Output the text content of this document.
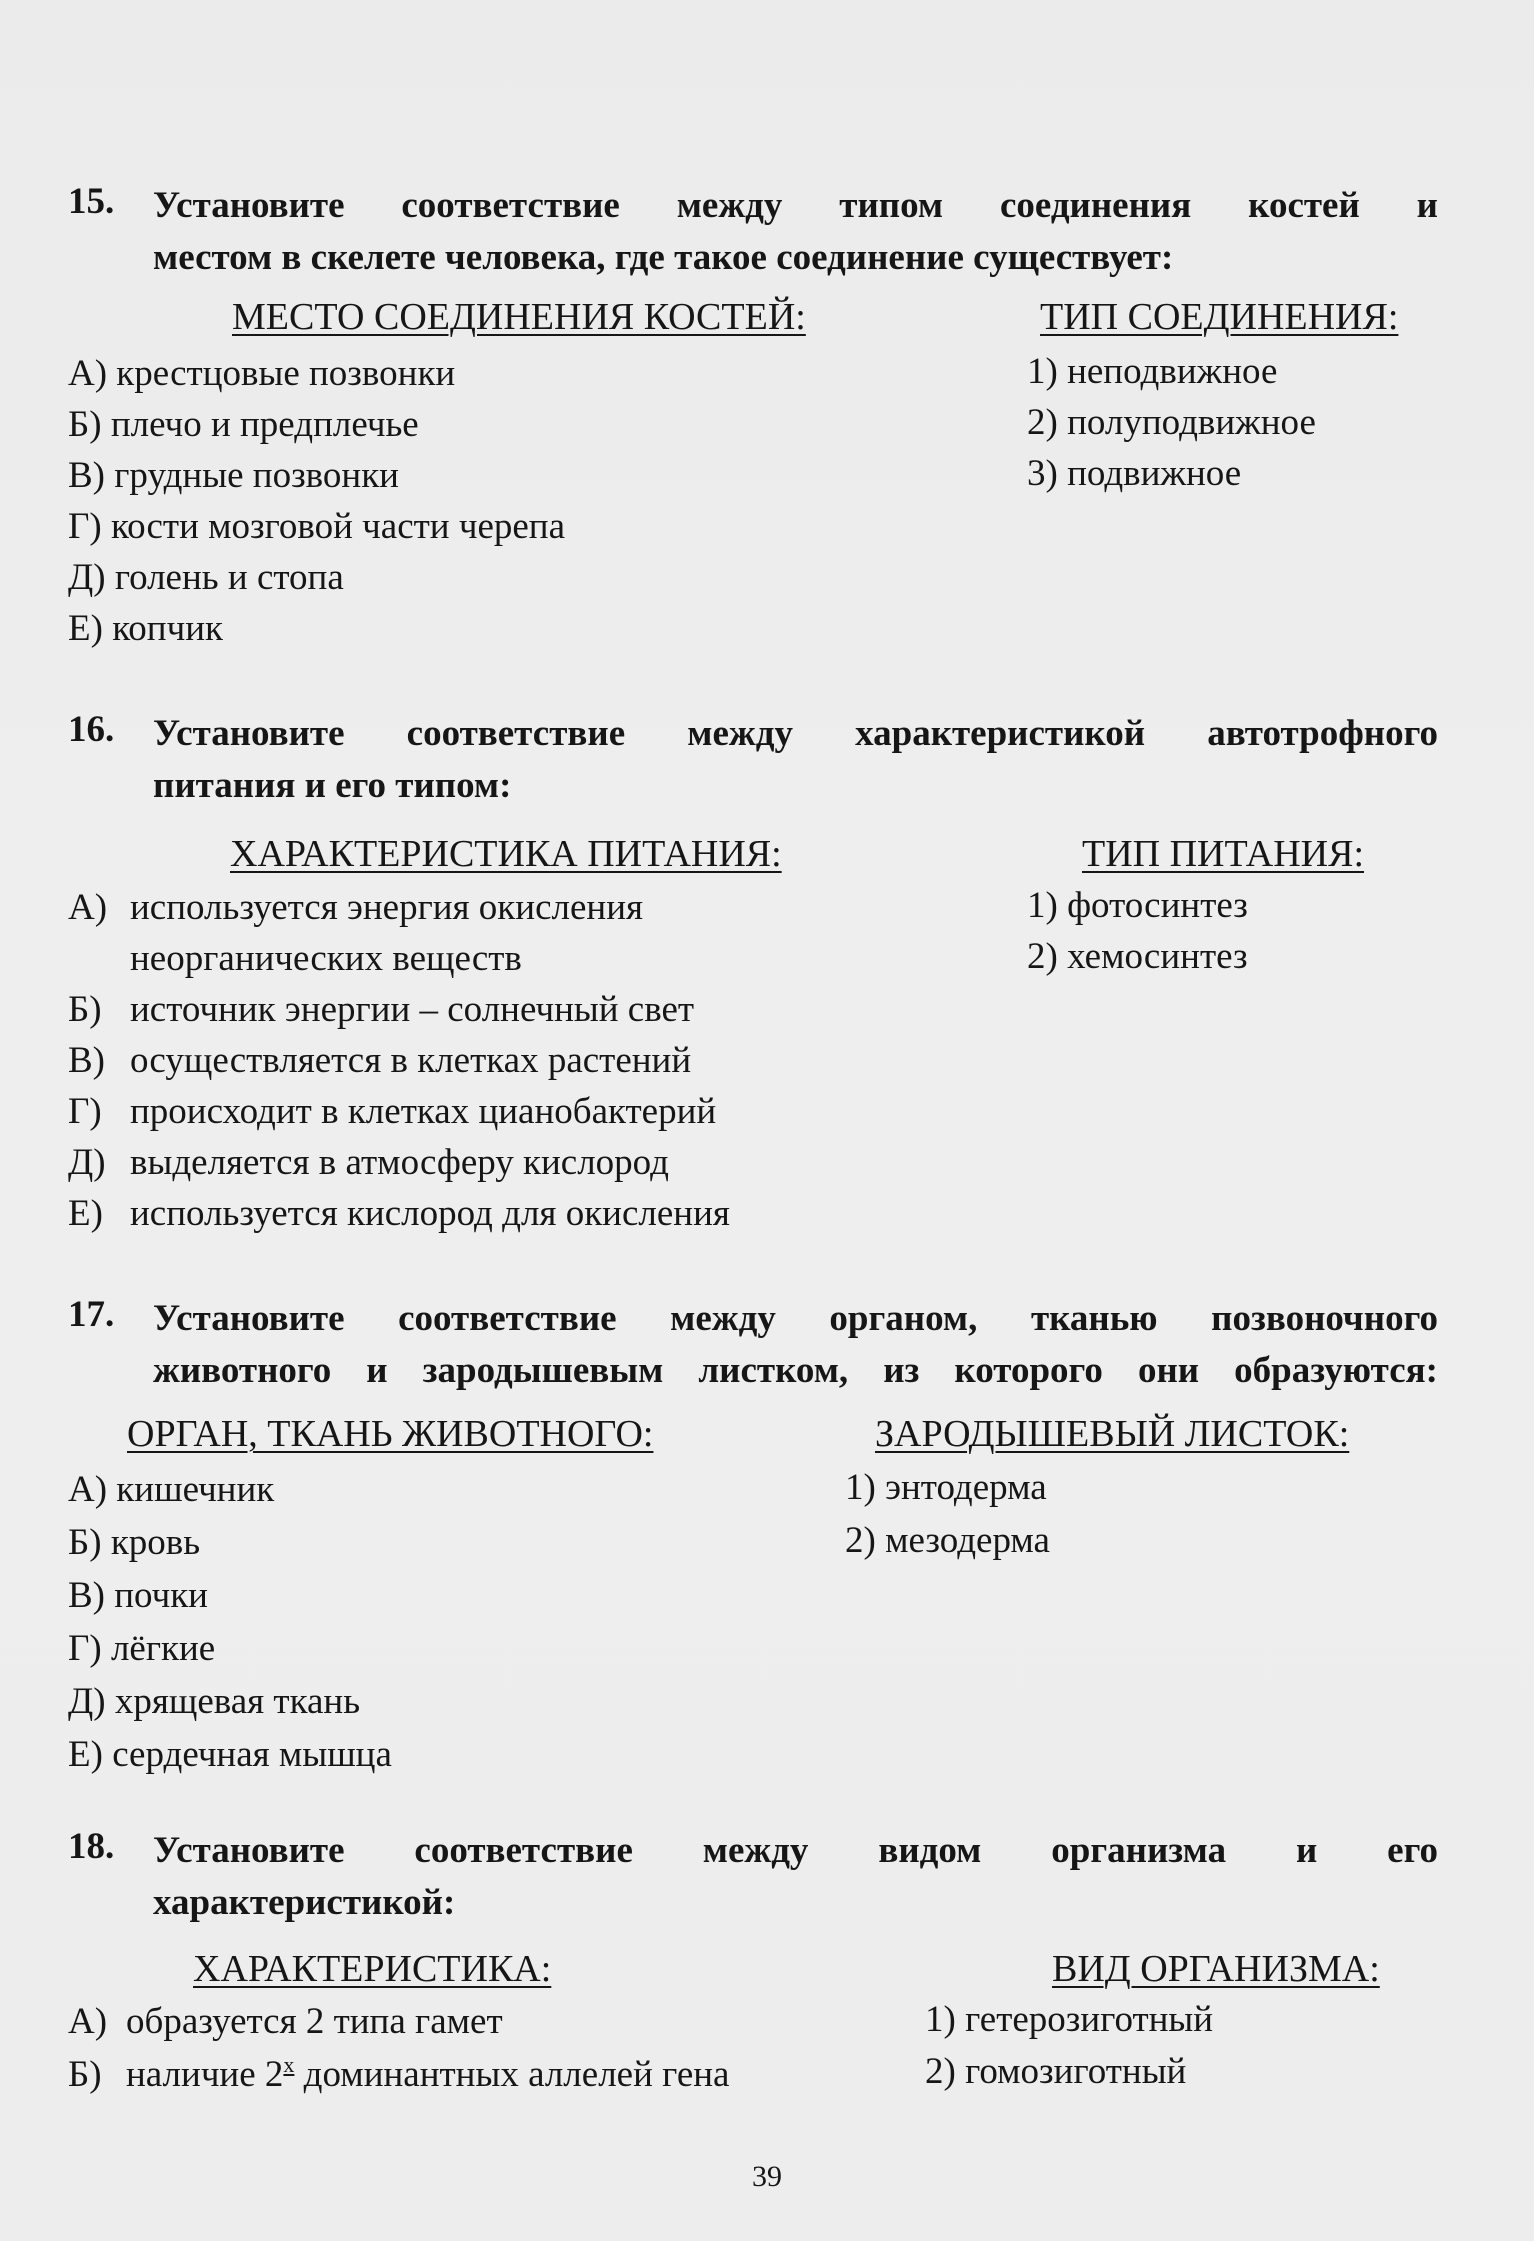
15. Установите соответствие между типом соединения костей и
местом в скелете человека, где такое соединение существует:
МЕСТО СОЕДИНЕНИЯ КОСТЕЙ:	ТИП СОЕДИНЕНИЯ:
А) крестцовые позвонки
Б) плечо и предплечье
В) грудные позвонки
Г) кости мозговой части черепа
Д) голень и стопа
Е) копчик
1) неподвижное
2) полуподвижное
3) подвижное
16. Установите соответствие между характеристикой автотрофного
питания и его типом:
ХАРАКТЕРИСТИКА ПИТАНИЯ:	ТИП ПИТАНИЯ:
А) используется энергия окисления
неорганических веществ
Б) источник энергии – солнечный свет
В) осуществляется в клетках растений
Г) происходит в клетках цианобактерий
Д) выделяется в атмосферу кислород
Е) используется кислород для окисления
1) фотосинтез
2) хемосинтез
17. Установите соответствие между органом, тканью позвоночного
животного и зародышевым листком, из которого они образуются:
ОРГАН, ТКАНЬ ЖИВОТНОГО:	ЗАРОДЫШЕВЫЙ ЛИСТОК:
А) кишечник
Б) кровь
В) почки
Г) лёгкие
Д) хрящевая ткань
Е) сердечная мышца
1) энтодерма
2) мезодерма
18. Установите соответствие между видом организма и его
характеристикой:
ХАРАКТЕРИСТИКА:	ВИД ОРГАНИЗМА:
А) образуется 2 типа гамет
Б) наличие $2^х$ доминантных аллелей гена
1) гетерозиготный
2) гомозиготный
39
